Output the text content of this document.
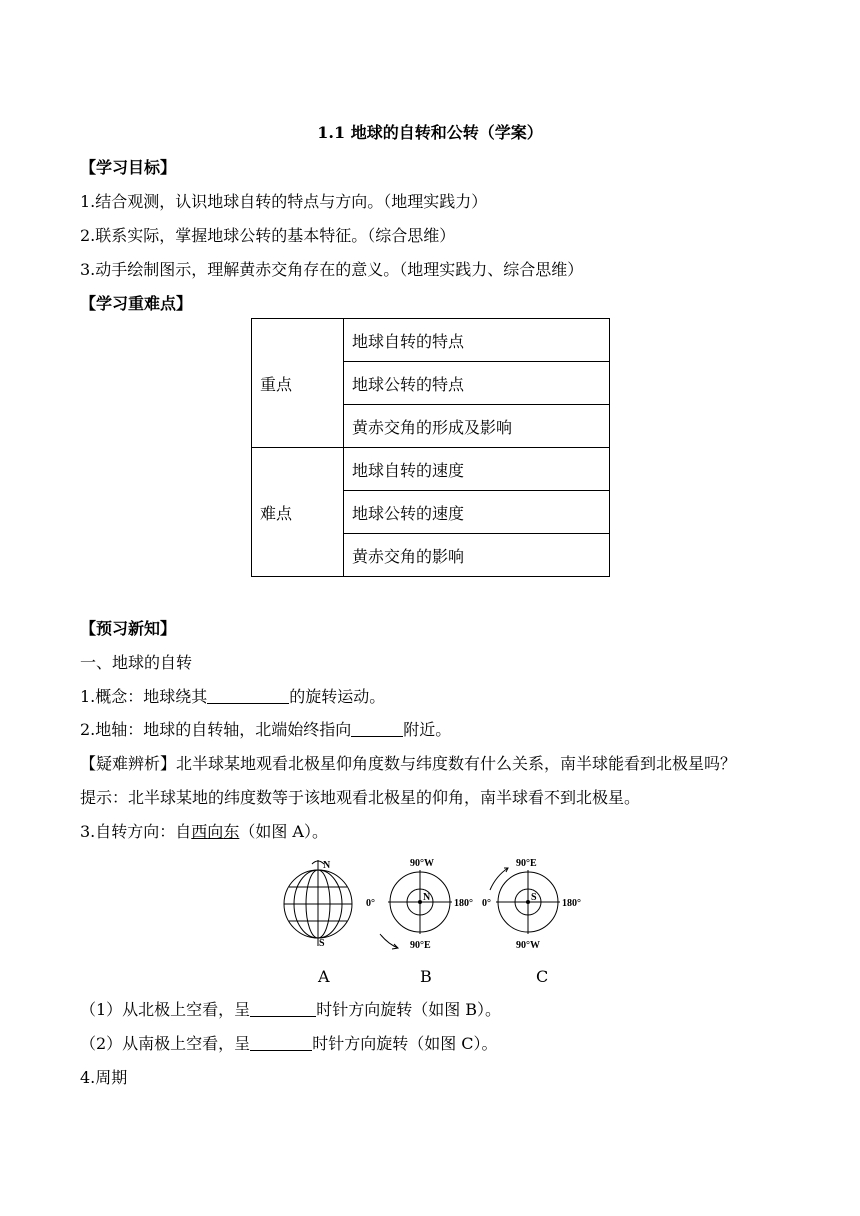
1.1 地球的自转和公转（学案）
【学习目标】
1.结合观测，认识地球自转的特点与方向。（地理实践力）
2.联系实际，掌握地球公转的基本特征。（综合思维）
3.动手绘制图示，理解黄赤交角存在的意义。（地理实践力、综合思维）
【学习重难点】
重点	地球自转的特点
	地球公转的特点
	黄赤交角的形成及影响
难点	地球自转的速度
	地球公转的速度
	黄赤交角的影响
【预习新知】
一、地球的自转
1.概念：地球绕其	的旋转运动。
2.地轴：地球的自转轴，北端始终指向	附近。
【疑难辨析】北半球某地观看北极星仰角度数与纬度数有什么关系，南半球能看到北极星吗？
提示：北半球某地的纬度数等于该地观看北极星的仰角，南半球看不到北极星。
3.自转方向：自西向东（如图 A）。
N
S
90°W
0°	180°
90°E
N
90°E
0°	180°
90°W
S
A	B	C
（1）从北极上空看，呈	时针方向旋转（如图 B）。
（2）从南极上空看，呈	时针方向旋转（如图 C）。
4.周期
